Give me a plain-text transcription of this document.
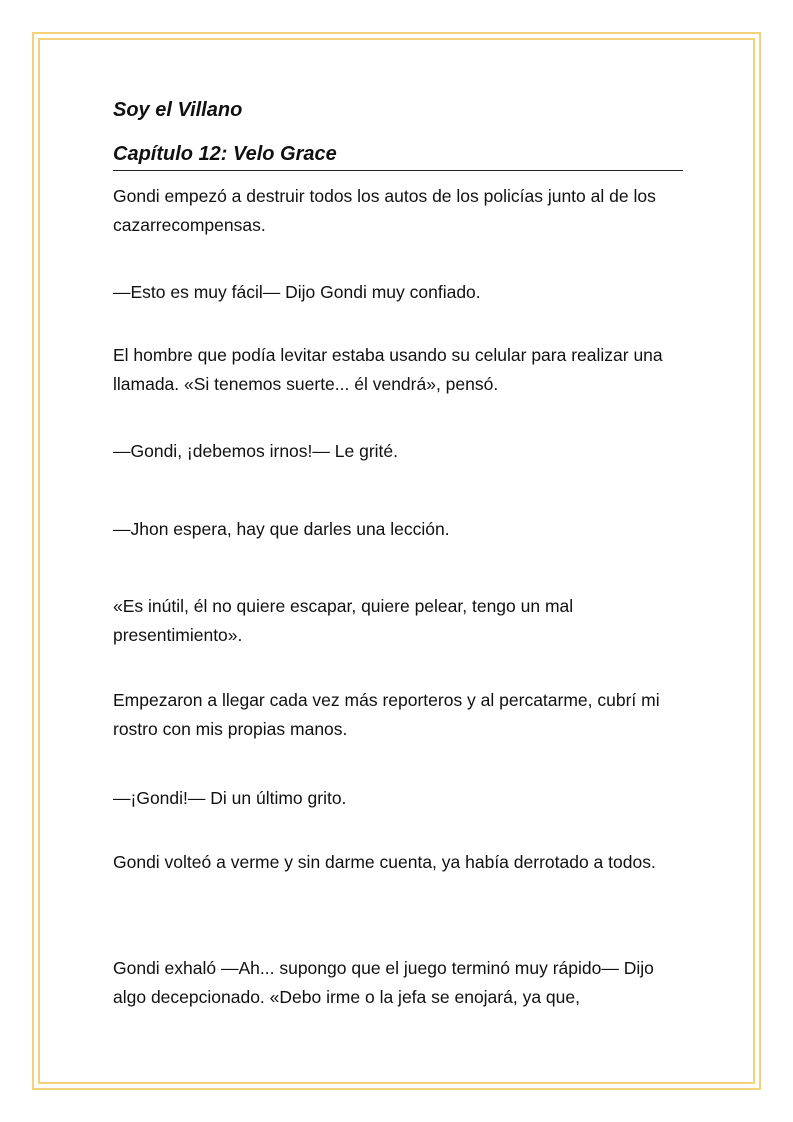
Soy el Villano
Capítulo 12: Velo Grace

Gondi empezó a destruir todos los autos de los policías junto al de los cazarrecompensas.

—Esto es muy fácil— Dijo Gondi muy confiado.

El hombre que podía levitar estaba usando su celular para realizar una llamada. «Si tenemos suerte... él vendrá», pensó.

—Gondi, ¡debemos irnos!— Le grité.

—Jhon espera, hay que darles una lección.

«Es inútil, él no quiere escapar, quiere pelear, tengo un mal presentimiento».

Empezaron a llegar cada vez más reporteros y al percatarme, cubrí mi rostro con mis propias manos.

—¡Gondi!— Di un último grito.

Gondi volteó a verme y sin darme cuenta, ya había derrotado a todos.

Gondi exhaló —Ah... supongo que el juego terminó muy rápido— Dijo algo decepcionado. «Debo irme o la jefa se enojará, ya que,
